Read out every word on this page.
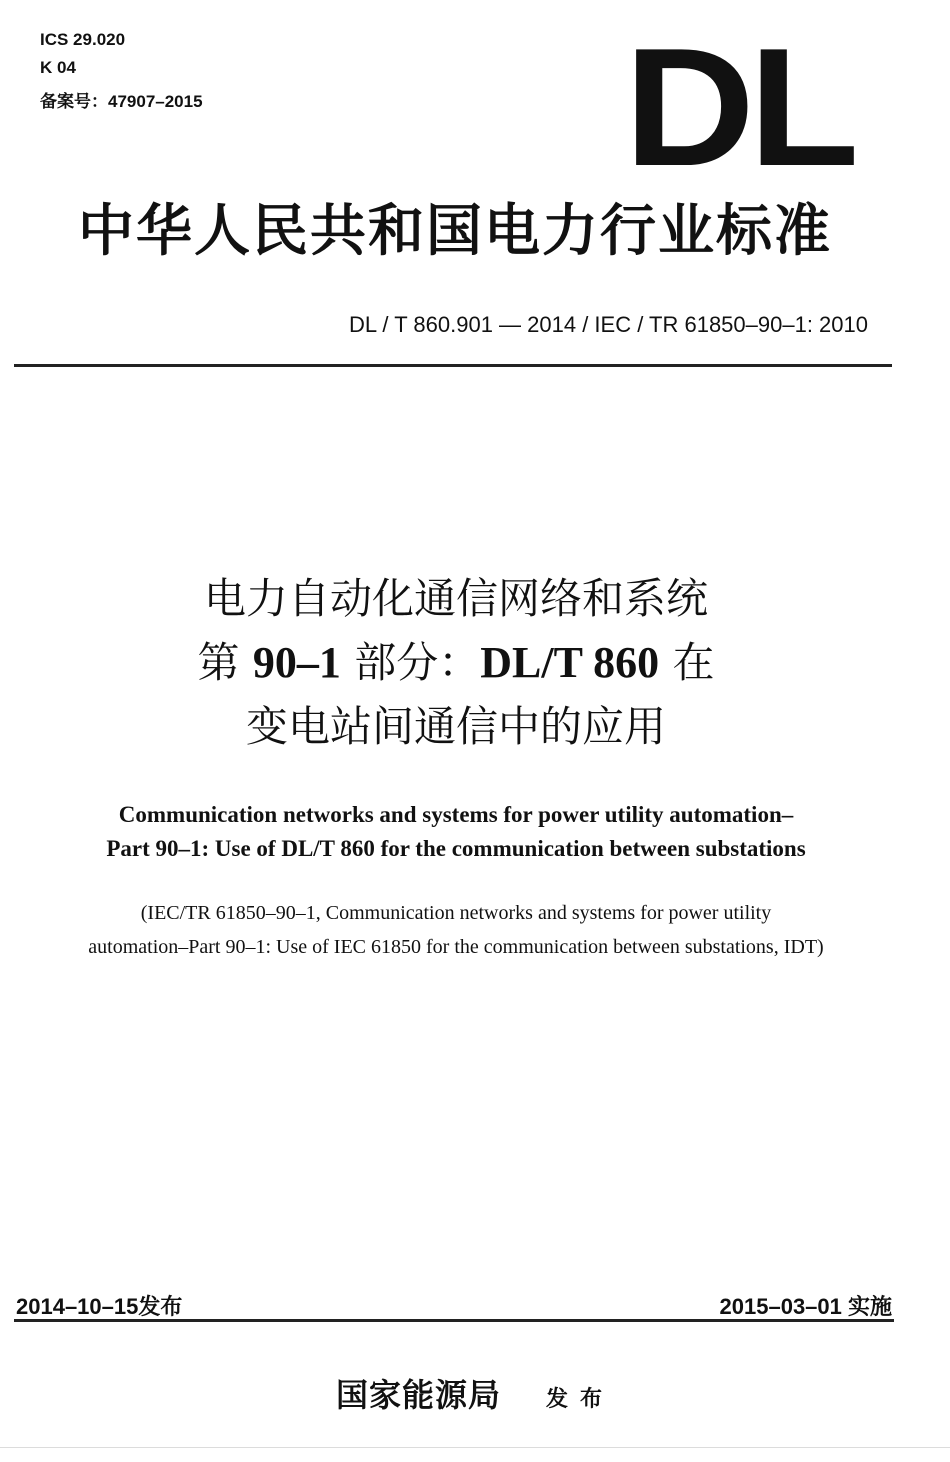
ICS 29.020
K 04
备案号：47907–2015	DL
中华人民共和国电力行业标准
DL / T 860.901 — 2014 / IEC / TR 61850–90–1: 2010
电力自动化通信网络和系统
第 90–1 部分：DL/T 860 在
变电站间通信中的应用
Communication networks and systems for power utility automation–
Part 90–1: Use of DL/T 860 for the communication between substations
(IEC/TR 61850–90–1, Communication networks and systems for power utility
automation–Part 90–1: Use of IEC 61850 for the communication between substations, IDT)
2014–10–15发布	2015–03–01 实施
国家能源局 发布
